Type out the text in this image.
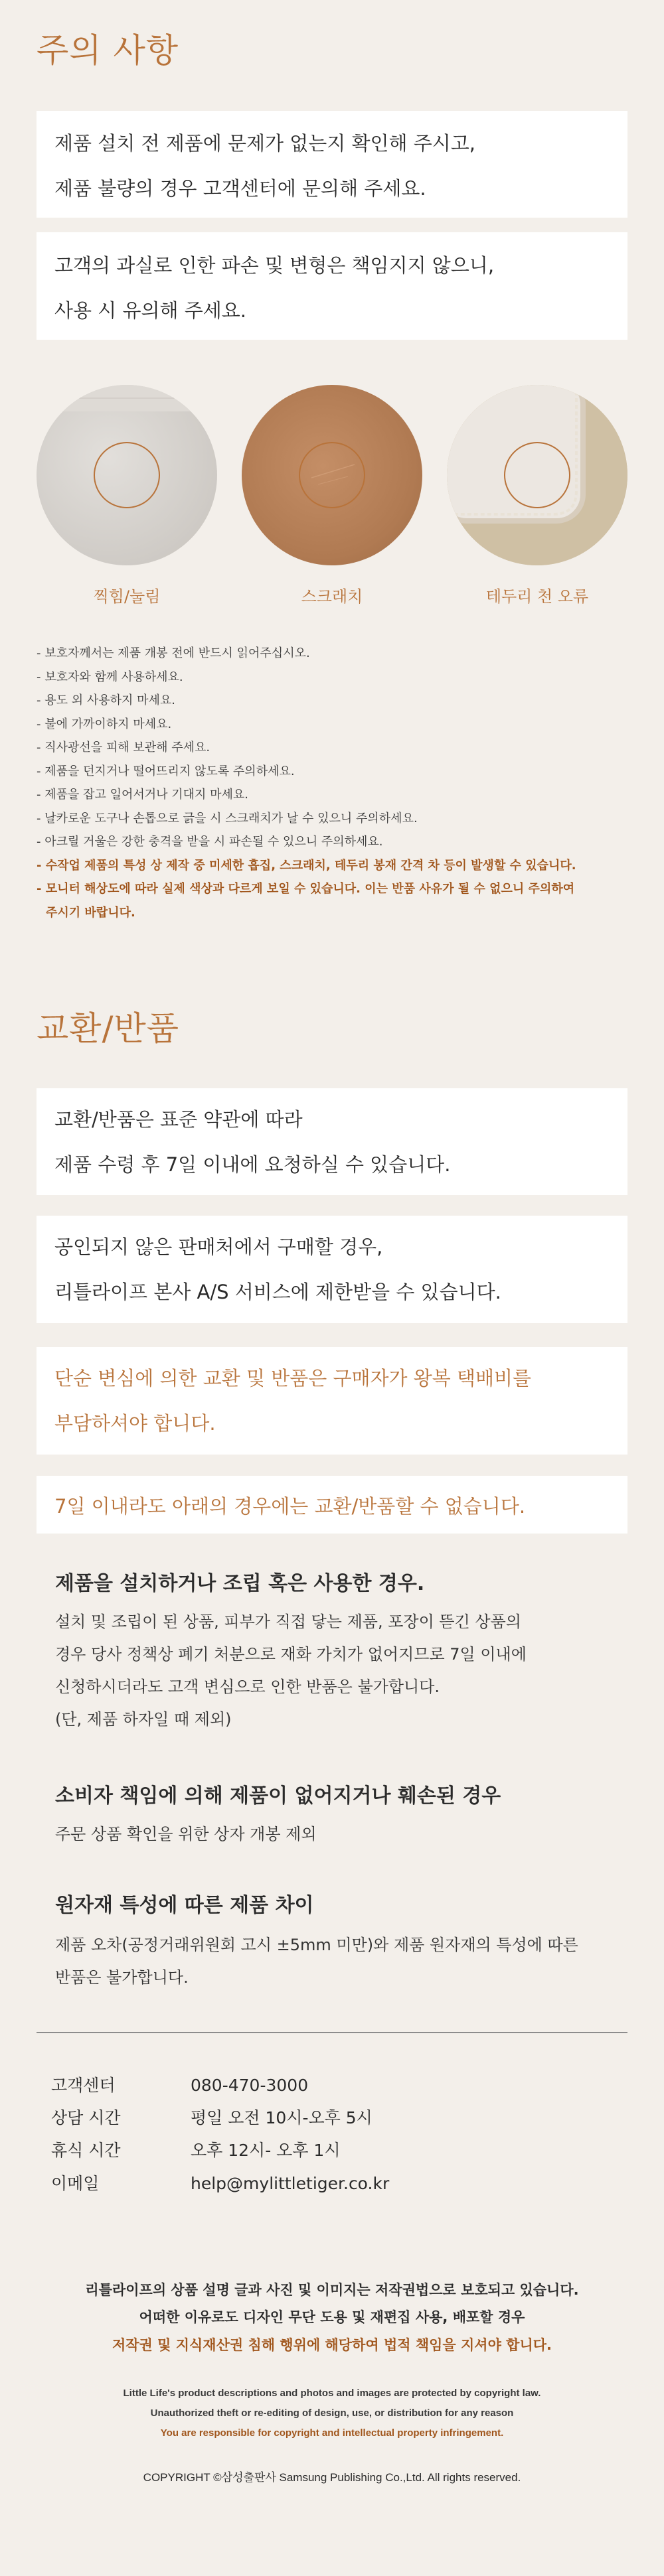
주의 사항
제품 설치 전 제품에 문제가 없는지 확인해 주시고,
제품 불량의 경우 고객센터에 문의해 주세요.
고객의 과실로 인한 파손 및 변형은 책임지지 않으니,
사용 시 유의해 주세요.
찍힘/눌림	스크래치	테두리 천 오류
- 보호자께서는 제품 개봉 전에 반드시 읽어주십시오.
- 보호자와 함께 사용하세요.
- 용도 외 사용하지 마세요.
- 불에 가까이하지 마세요.
- 직사광선을 피해 보관해 주세요.
- 제품을 던지거나 떨어뜨리지 않도록 주의하세요.
- 제품을 잡고 일어서거나 기대지 마세요.
- 날카로운 도구나 손톱으로 긁을 시 스크래치가 날 수 있으니 주의하세요.
- 아크릴 거울은 강한 충격을 받을 시 파손될 수 있으니 주의하세요.
- 수작업 제품의 특성 상 제작 중 미세한 흡집, 스크래치, 테두리 봉재 간격 차 등이 발생할 수 있습니다.
- 모니터 해상도에 따라 실제 색상과 다르게 보일 수 있습니다. 이는 반품 사유가 될 수 없으니 주의하여
주시기 바랍니다.
교환/반품
교환/반품은 표준 약관에 따라
제품 수령 후 7일 이내에 요청하실 수 있습니다.
공인되지 않은 판매처에서 구매할 경우,
리틀라이프 본사 A/S 서비스에 제한받을 수 있습니다.
단순 변심에 의한 교환 및 반품은 구매자가 왕복 택배비를
부담하셔야 합니다.
7일 이내라도 아래의 경우에는 교환/반품할 수 없습니다.
제품을 설치하거나 조립 혹은 사용한 경우.
설치 및 조립이 된 상품, 피부가 직접 닿는 제품, 포장이 뜯긴 상품의
경우 당사 정책상 폐기 처분으로 재화 가치가 없어지므로 7일 이내에
신청하시더라도 고객 변심으로 인한 반품은 불가합니다.
(단, 제품 하자일 때 제외)
소비자 책임에 의해 제품이 없어지거나 훼손된 경우
주문 상품 확인을 위한 상자 개봉 제외
원자재 특성에 따른 제품 차이
제품 오차(공정거래위원회 고시 ±5mm 미만)와 제품 원자재의 특성에 따른
반품은 불가합니다.
고객센터	080-470-3000
상담 시간	평일 오전 10시-오후 5시
휴식 시간	오후 12시- 오후 1시
이메일	help@mylittletiger.co.kr
리틀라이프의 상품 설명 글과 사진 및 이미지는 저작권법으로 보호되고 있습니다.
어떠한 이유로도 디자인 무단 도용 및 재편집 사용, 배포할 경우
저작권 및 지식재산권 침해 행위에 해당하여 법적 책임을 지셔야 합니다.
Little Life's product descriptions and photos and images are protected by copyright law.
Unauthorized theft or re-editing of design, use, or distribution for any reason
You are responsible for copyright and intellectual property infringement.
COPYRIGHT ©삼성출판사 Samsung Publishing Co.,Ltd. All rights reserved.
